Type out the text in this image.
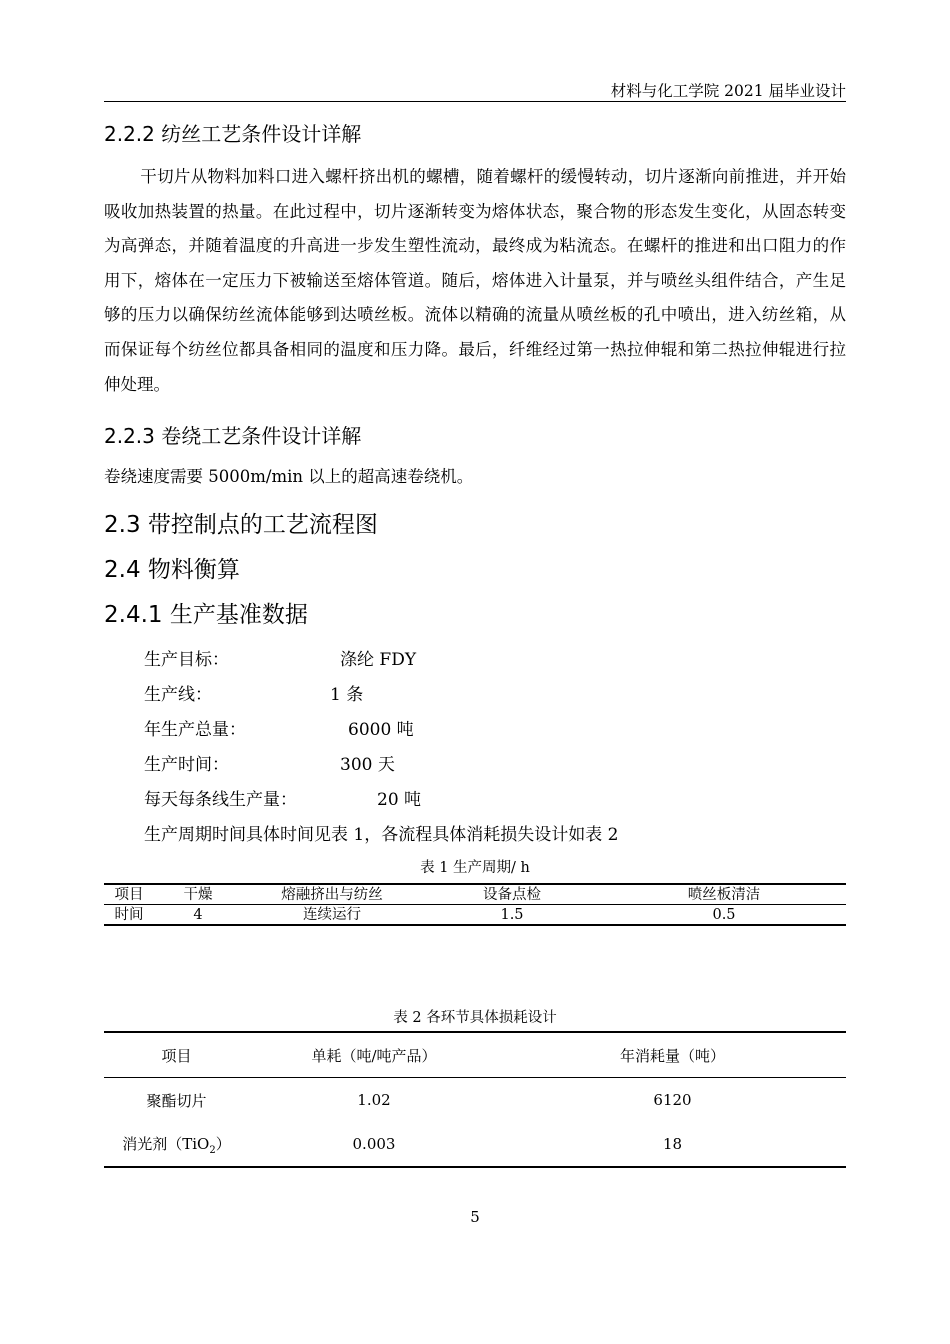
材料与化工学院 2021 届毕业设计
2.2.2 纺丝工艺条件设计详解

干切片从物料加料口进入螺杆挤出机的螺槽，随着螺杆的缓慢转动，切片逐渐向前推进，并开始吸收加热装置的热量。在此过程中，切片逐渐转变为熔体状态，聚合物的形态发生变化，从固态转变为高弹态，并随着温度的升高进一步发生塑性流动，最终成为粘流态。在螺杆的推进和出口阻力的作用下，熔体在一定压力下被输送至熔体管道。随后，熔体进入计量泵，并与喷丝头组件结合，产生足够的压力以确保纺丝流体能够到达喷丝板。流体以精确的流量从喷丝板的孔中喷出，进入纺丝箱，从而保证每个纺丝位都具备相同的温度和压力降。最后，纤维经过第一热拉伸辊和第二热拉伸辊进行拉伸处理。

2.2.3 卷绕工艺条件设计详解

卷绕速度需要 5000m/min 以上的超高速卷绕机。

2.3 带控制点的工艺流程图
2.4 物料衡算
2.4.1 生产基准数据
生产目标：	涤纶 FDY
生产线：	1 条
年生产总量：	6000 吨
生产时间：	300 天
每天每条线生产量：	20 吨
生产周期时间具体时间见表 1，各流程具体消耗损失设计如表 2
表 1 生产周期/ h
项目	干燥	熔融挤出与纺丝	设备点检	喷丝板清洁
时间	4	连续运行	1.5	0.5
表 2 各环节具体损耗设计
项目	单耗（吨/吨产品）	年消耗量（吨）
聚酯切片	1.02	6120
消光剂（TiO$_2$）	0.003	18
5
